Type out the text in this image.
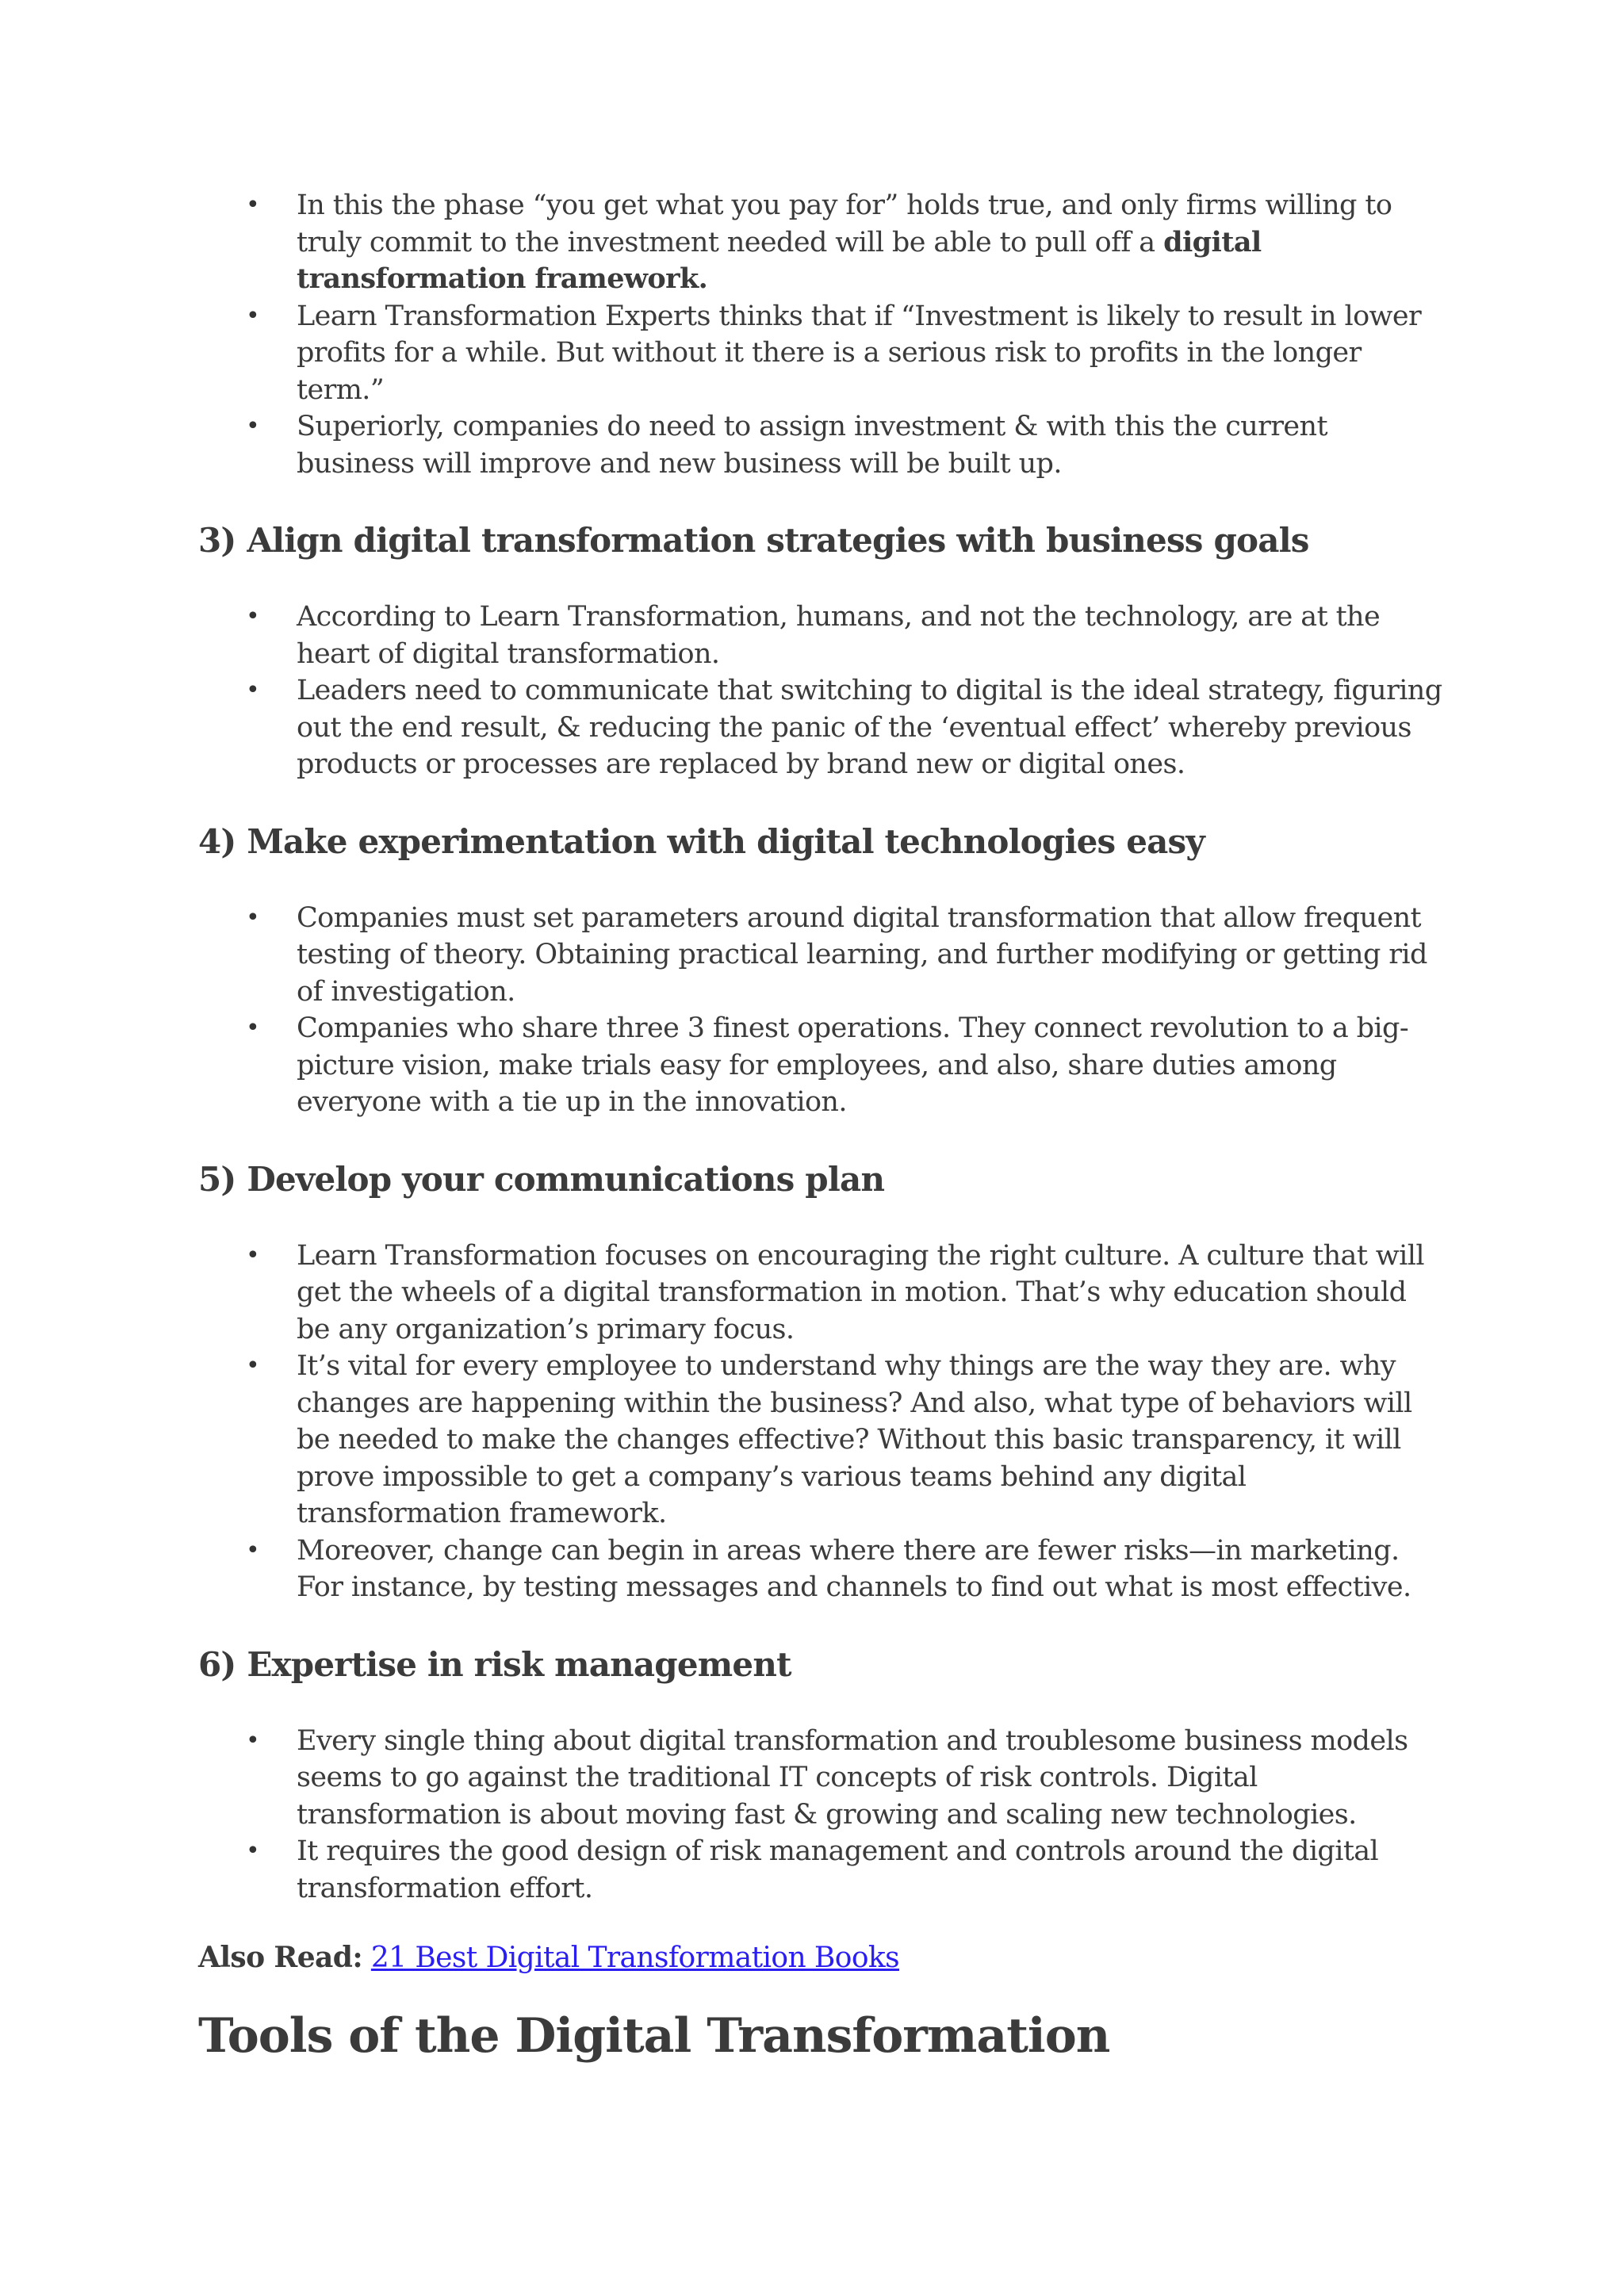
• In this the phase “you get what you pay for” holds true, and only firms willing to truly commit to the investment needed will be able to pull off a digital transformation framework.
• Learn Transformation Experts thinks that if “Investment is likely to result in lower profits for a while. But without it there is a serious risk to profits in the longer term.”
• Superiorly, companies do need to assign investment & with this the current business will improve and new business will be built up.
3) Align digital transformation strategies with business goals
• According to Learn Transformation, humans, and not the technology, are at the heart of digital transformation.
• Leaders need to communicate that switching to digital is the ideal strategy, figuring out the end result, & reducing the panic of the ‘eventual effect’ whereby previous products or processes are replaced by brand new or digital ones.
4) Make experimentation with digital technologies easy
• Companies must set parameters around digital transformation that allow frequent testing of theory. Obtaining practical learning, and further modifying or getting rid of investigation.
• Companies who share three 3 finest operations. They connect revolution to a big-picture vision, make trials easy for employees, and also, share duties among everyone with a tie up in the innovation.
5) Develop your communications plan
• Learn Transformation focuses on encouraging the right culture. A culture that will get the wheels of a digital transformation in motion. That’s why education should be any organization’s primary focus.
• It’s vital for every employee to understand why things are the way they are. why changes are happening within the business? And also, what type of behaviors will be needed to make the changes effective? Without this basic transparency, it will prove impossible to get a company’s various teams behind any digital transformation framework.
• Moreover, change can begin in areas where there are fewer risks—in marketing. For instance, by testing messages and channels to find out what is most effective.
6) Expertise in risk management
• Every single thing about digital transformation and troublesome business models seems to go against the traditional IT concepts of risk controls. Digital transformation is about moving fast & growing and scaling new technologies.
• It requires the good design of risk management and controls around the digital transformation effort.
Also Read: 21 Best Digital Transformation Books
Tools of the Digital Transformation
